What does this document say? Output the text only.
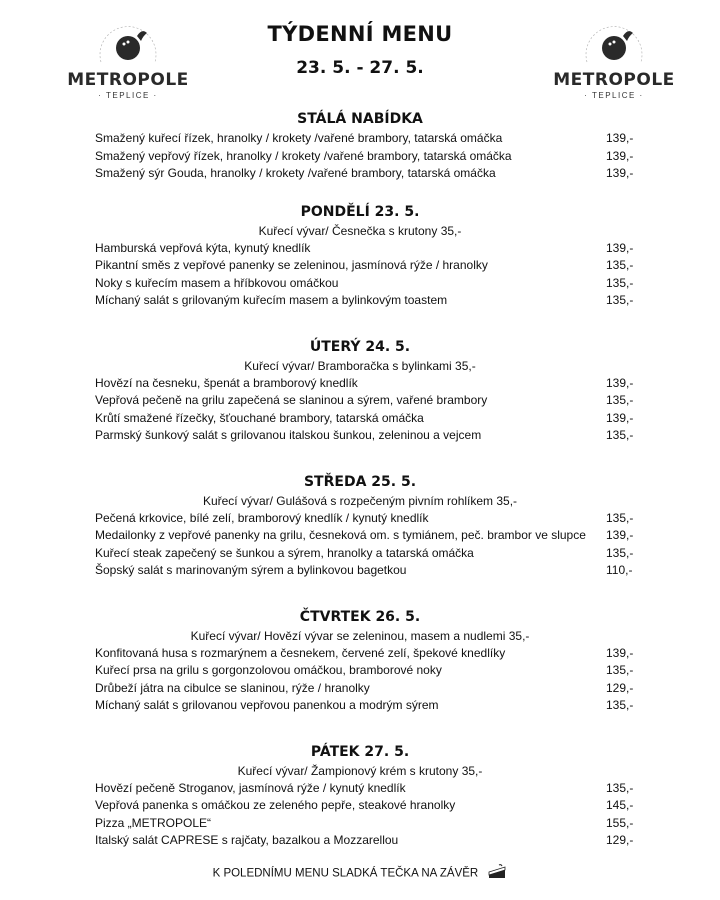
METROPOLE
· TEPLICE ·
METROPOLE
· TEPLICE ·
TÝDENNÍ MENU
23. 5. - 27. 5.
STÁLÁ NABÍDKA
Smažený kuřecí řízek, hranolky / krokety /vařené brambory, tatarská omáčka	139,-
Smažený vepřový řízek, hranolky / krokety /vařené brambory, tatarská omáčka	139,-
Smažený sýr Gouda, hranolky / krokety /vařené brambory, tatarská omáčka	139,-
PONDĚLÍ 23. 5.
Kuřecí vývar/ Česnečka s krutony 35,-
Hamburská vepřová kýta, kynutý knedlík	139,-
Pikantní směs z vepřové panenky se zeleninou, jasmínová rýže / hranolky	135,-
Noky s kuřecím masem a hříbkovou omáčkou	135,-
Míchaný salát s grilovaným kuřecím masem a bylinkovým toastem	135,-
ÚTERÝ 24. 5.
Kuřecí vývar/ Bramboračka s bylinkami 35,-
Hovězí na česneku, špenát a bramborový knedlík	139,-
Vepřová pečeně na grilu zapečená se slaninou a sýrem, vařené brambory	135,-
Krůtí smažené řízečky, šťouchané brambory, tatarská omáčka	139,-
Parmský šunkový salát s grilovanou italskou šunkou, zeleninou a vejcem	135,-
STŘEDA 25. 5.
Kuřecí vývar/ Gulášová s rozpečeným pivním rohlíkem 35,-
Pečená krkovice, bílé zelí, bramborový knedlík / kynutý knedlík	135,-
Medailonky z vepřové panenky na grilu, česneková om. s tymiánem, peč. brambor ve slupce 139,-
Kuřecí steak zapečený se šunkou a sýrem, hranolky a tatarská omáčka	135,-
Šopský salát s marinovaným sýrem a bylinkovou bagetkou	110,-
ČTVRTEK 26. 5.
Kuřecí vývar/ Hovězí vývar se zeleninou, masem a nudlemi 35,-
Konfitovaná husa s rozmarýnem a česnekem, červené zelí, špekové knedlíky	139,-
Kuřecí prsa na grilu s gorgonzolovou omáčkou, bramborové noky	135,-
Drůbeží játra na cibulce se slaninou, rýže / hranolky	129,-
Míchaný salát s grilovanou vepřovou panenkou a modrým sýrem	135,-
PÁTEK 27. 5.
Kuřecí vývar/ Žampionový krém s krutony 35,-
Hovězí pečeně Stroganov, jasmínová rýže / kynutý knedlík	135,-
Vepřová panenka s omáčkou ze zeleného pepře, steakové hranolky	145,-
Pizza „METROPOLE“	155,-
Italský salát CAPRESE s rajčaty, bazalkou a Mozzarellou	129,-
K POLEDNÍMU MENU SLADKÁ TEČKA NA ZÁVĚR
